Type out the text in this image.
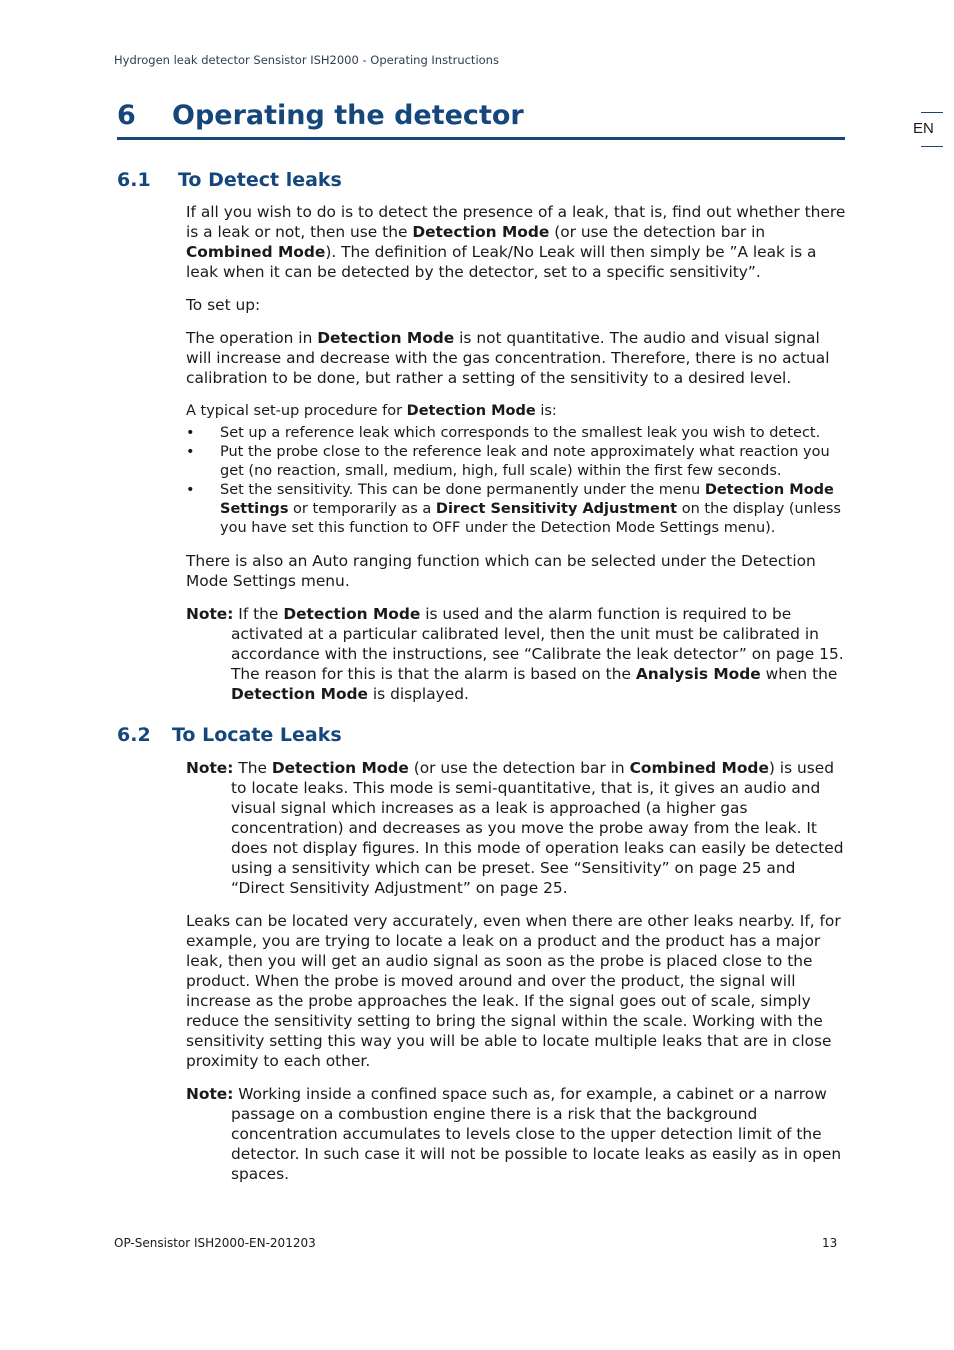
Hydrogen leak detector Sensistor ISH2000 - Operating Instructions
EN
6 Operating the detector
6.1 To Detect leaks

If all you wish to do is to detect the presence of a leak, that is, find out whether there is a leak or not, then use the Detection Mode (or use the detection bar in Combined Mode). The definition of Leak/No Leak will then simply be ”A leak is a leak when it can be detected by the detector, set to a specific sensitivity”.

To set up:

The operation in Detection Mode is not quantitative. The audio and visual signal will increase and decrease with the gas concentration. Therefore, there is no actual calibration to be done, but rather a setting of the sensitivity to a desired level.

A typical set-up procedure for Detection Mode is:

• Set up a reference leak which corresponds to the smallest leak you wish to detect.
• Put the probe close to the reference leak and note approximately what reaction you get (no reaction, small, medium, high, full scale) within the first few seconds.
• Set the sensitivity. This can be done permanently under the menu Detection Mode Settings or temporarily as a Direct Sensitivity Adjustment on the display (unless you have set this function to OFF under the Detection Mode Settings menu).

There is also an Auto ranging function which can be selected under the Detection Mode Settings menu.

Note: If the Detection Mode is used and the alarm function is required to be activated at a particular calibrated level, then the unit must be calibrated in accordance with the instructions, see “Calibrate the leak detector” on page 15. The reason for this is that the alarm is based on the Analysis Mode when the Detection Mode is displayed.

6.2 To Locate Leaks

Note: The Detection Mode (or use the detection bar in Combined Mode) is used to locate leaks. This mode is semi-quantitative, that is, it gives an audio and visual signal which increases as a leak is approached (a higher gas concentration) and decreases as you move the probe away from the leak. It does not display figures. In this mode of operation leaks can easily be detected using a sensitivity which can be preset. See “Sensitivity” on page 25 and “Direct Sensitivity Adjustment” on page 25.

Leaks can be located very accurately, even when there are other leaks nearby. If, for example, you are trying to locate a leak on a product and the product has a major leak, then you will get an audio signal as soon as the probe is placed close to the product. When the probe is moved around and over the product, the signal will increase as the probe approaches the leak. If the signal goes out of scale, simply reduce the sensitivity setting to bring the signal within the scale. Working with the sensitivity setting this way you will be able to locate multiple leaks that are in close proximity to each other.

Note: Working inside a confined space such as, for example, a cabinet or a narrow passage on a combustion engine there is a risk that the background concentration accumulates to levels close to the upper detection limit of the detector. In such case it will not be possible to locate leaks as easily as in open spaces.

OP-Sensistor ISH2000-EN-201203	13
